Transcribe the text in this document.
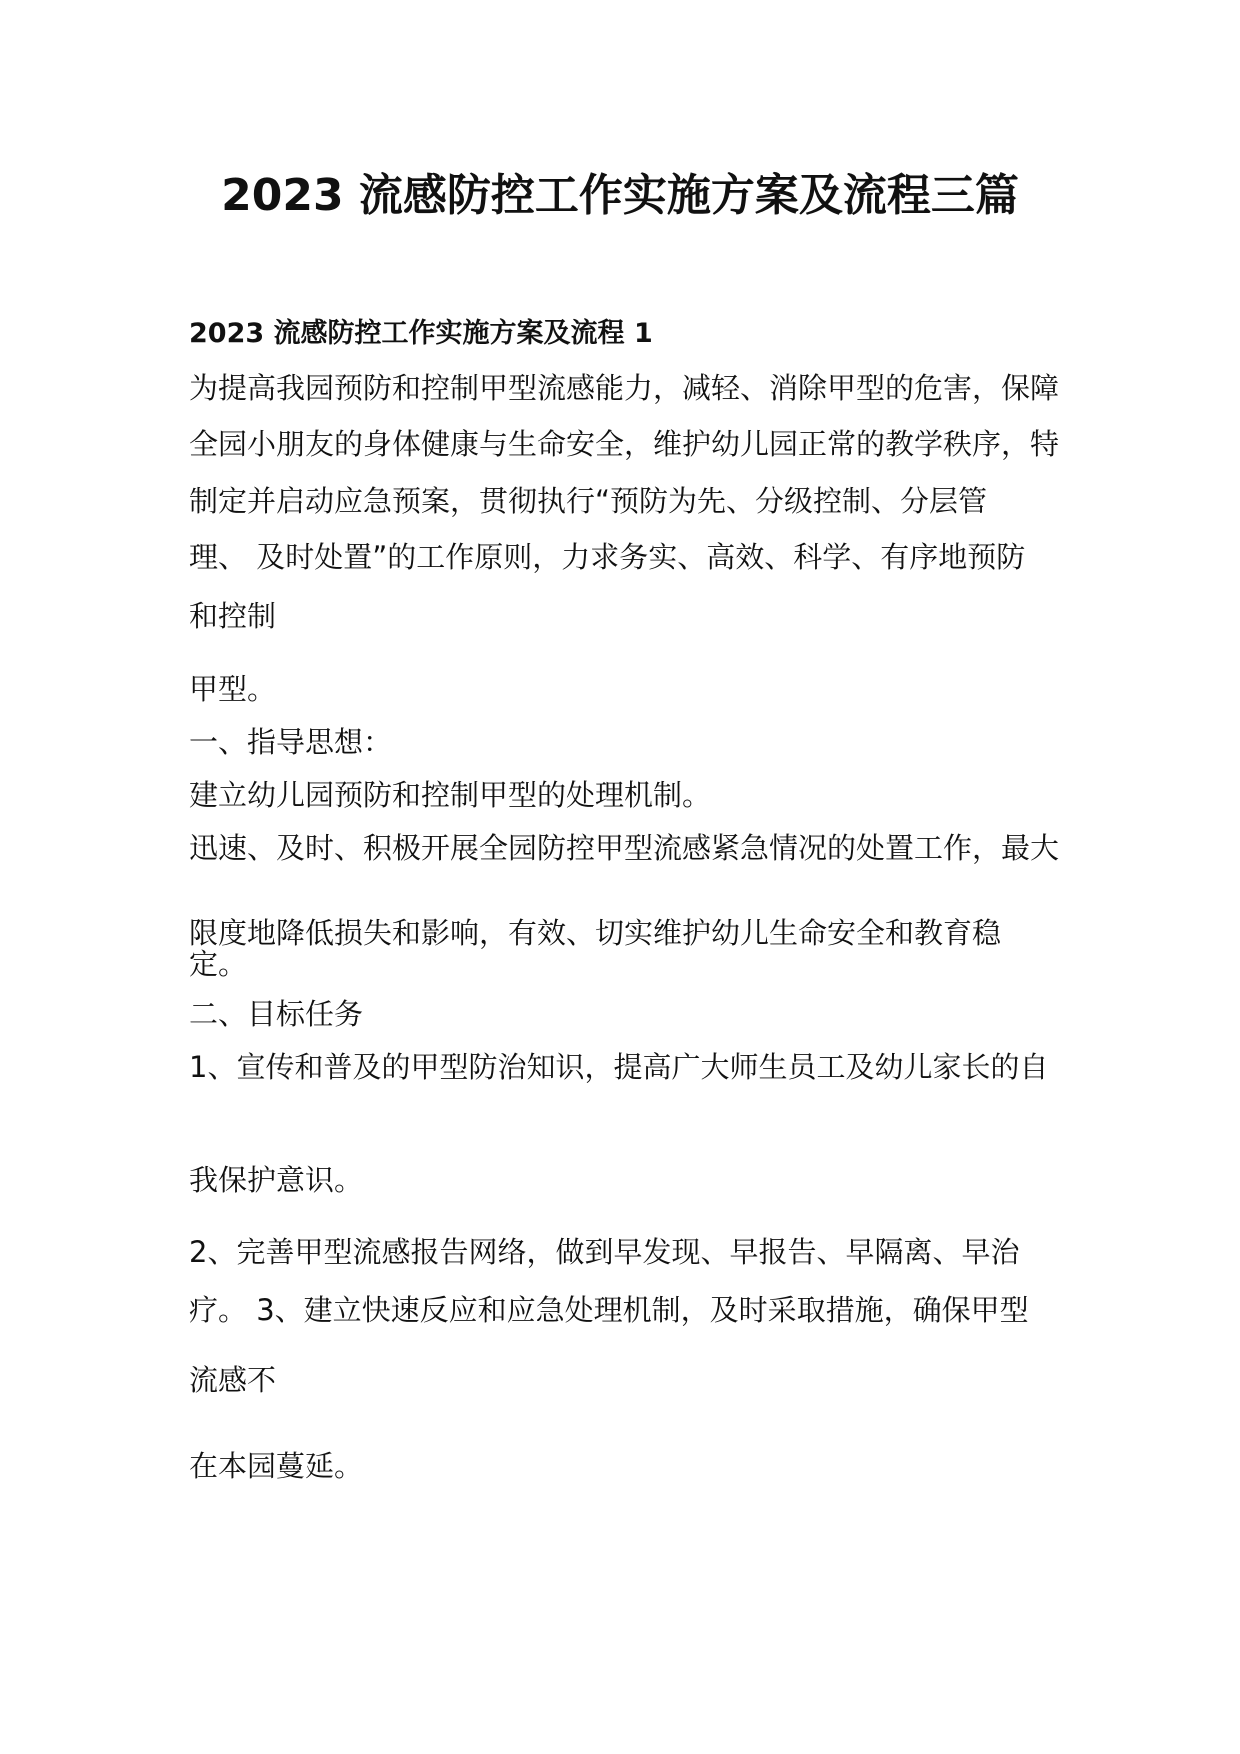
2023 流感防控工作实施方案及流程三篇
2023 流感防控工作实施方案及流程 1
为提高我园预防和控制甲型流感能力，减轻、消除甲型的危害，保障
全园小朋友的身体健康与生命安全，维护幼儿园正常的教学秩序，特
制定并启动应急预案，贯彻执行“预防为先、分级控制、分层管
理、 及时处置”的工作原则，力求务实、高效、科学、有序地预防
和控制
甲型。
一、指导思想：
建立幼儿园预防和控制甲型的处理机制。
迅速、及时、积极开展全园防控甲型流感紧急情况的处置工作，最大
限度地降低损失和影响，有效、切实维护幼儿生命安全和教育稳
定。
二、目标任务
1、宣传和普及的甲型防治知识，提高广大师生员工及幼儿家长的自
我保护意识。
2、完善甲型流感报告网络，做到早发现、早报告、早隔离、早治
疗。 3、建立快速反应和应急处理机制，及时采取措施，确保甲型
流感不
在本园蔓延。
